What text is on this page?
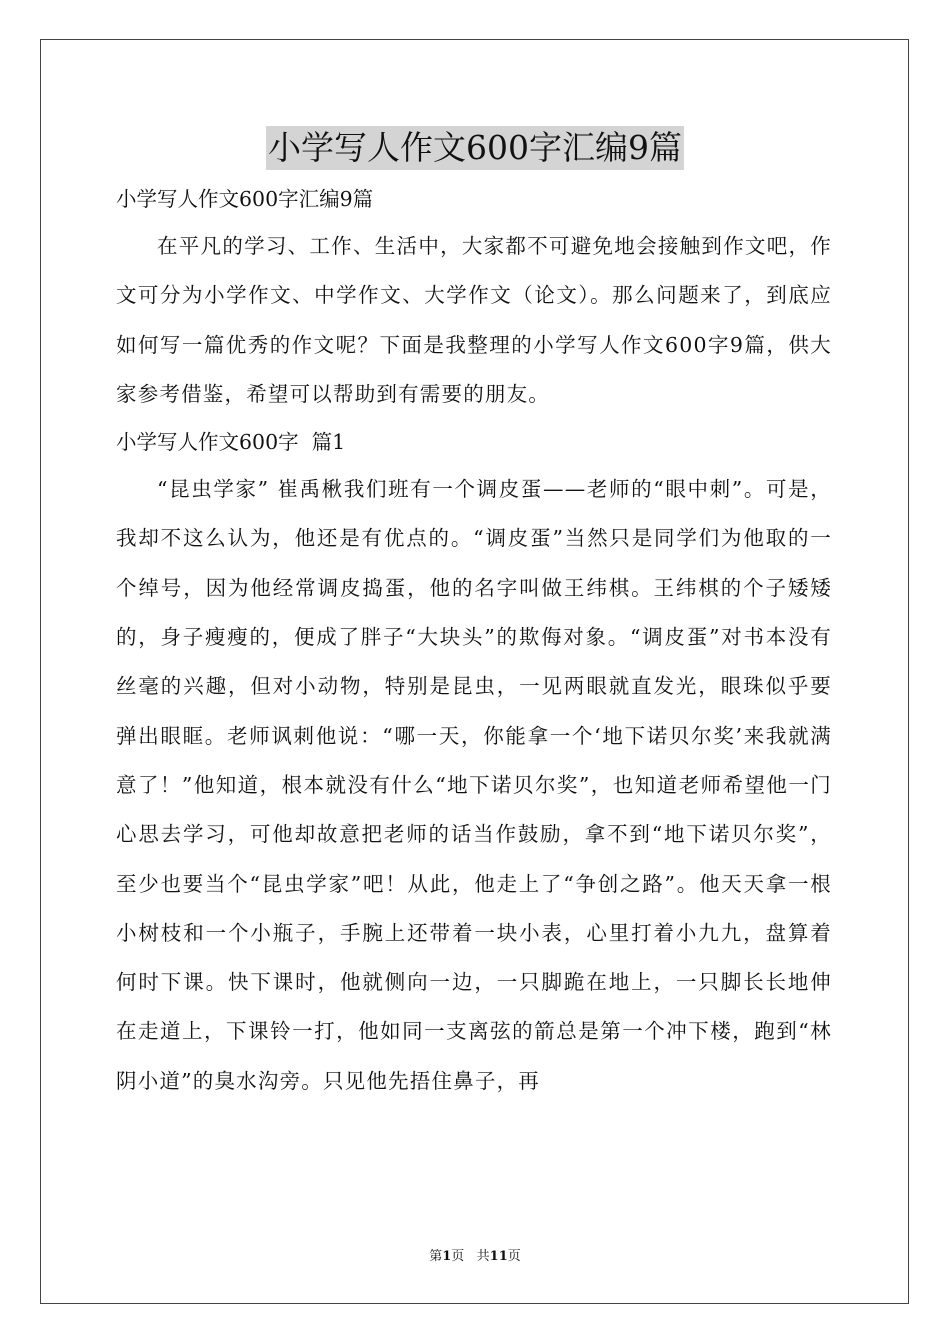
小学写人作文600字汇编9篇

小学写人作文600字汇编9篇

在平凡的学习、工作、生活中，大家都不可避免地会接触到作文吧，作文可分为小学作文、中学作文、大学作文（论文）。那么问题来了，到底应如何写一篇优秀的作文呢？下面是我整理的小学写人作文600字9篇，供大家参考借鉴，希望可以帮助到有需要的朋友。

小学写人作文600字  篇1

“昆虫学家” 崔禹楸我们班有一个调皮蛋——老师的“眼中刺”。可是，我却不这么认为，他还是有优点的。“调皮蛋”当然只是同学们为他取的一个绰号，因为他经常调皮捣蛋，他的名字叫做王纬棋。王纬棋的个子矮矮的，身子瘦瘦的，便成了胖子“大块头”的欺侮对象。“调皮蛋”对书本没有丝毫的兴趣，但对小动物，特别是昆虫，一见两眼就直发光，眼珠似乎要弹出眼眶。老师讽刺他说：“哪一天，你能拿一个‘地下诺贝尔奖’来我就满意了！”他知道，根本就没有什么“地下诺贝尔奖”，也知道老师希望他一门心思去学习，可他却故意把老师的话当作鼓励，拿不到“地下诺贝尔奖”，至少也要当个“昆虫学家”吧！从此，他走上了“争创之路”。他天天拿一根小树枝和一个小瓶子，手腕上还带着一块小表，心里打着小九九，盘算着何时下课。快下课时，他就侧向一边，一只脚跪在地上，一只脚长长地伸在走道上，下课铃一打，他如同一支离弦的箭总是第一个冲下楼，跑到“林阴小道”的臭水沟旁。只见他先捂住鼻子，再

第1页   共11页
